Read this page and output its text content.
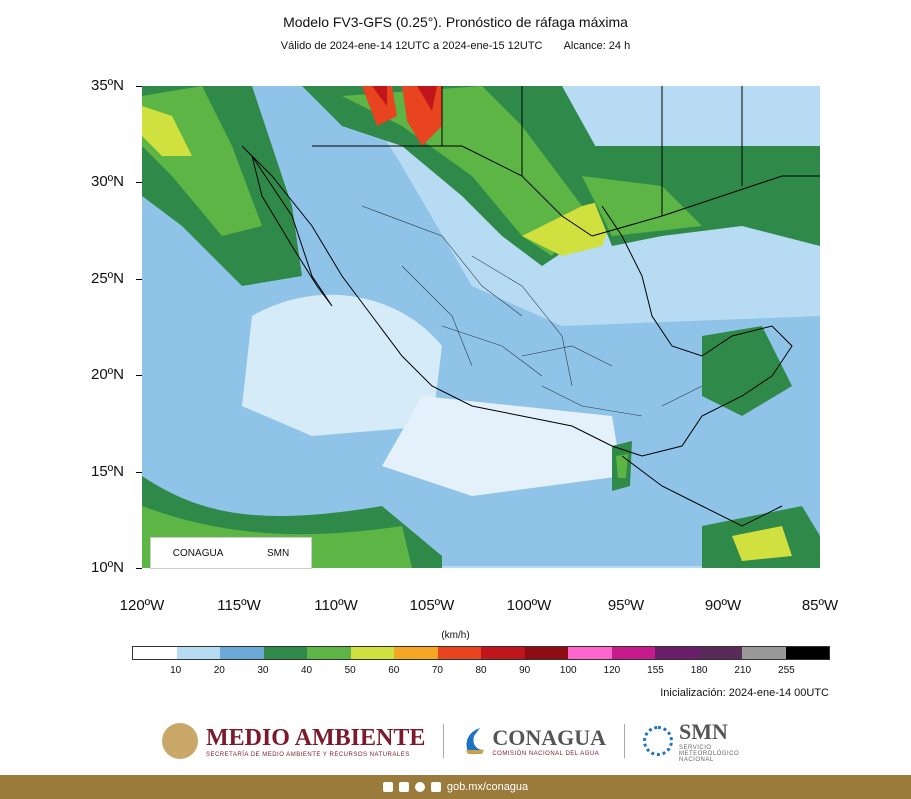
Modelo FV3-GFS (0.25°). Pronóstico de ráfaga máxima
Válido de 2024-ene-14 12UTC a 2024-ene-15 12UTC Alcance: 24 h
CONAGUA	SMN
35ºN
30ºN
25ºN
20ºN
15ºN
10ºN
120ºW	115ºW	110ºW	105ºW	100ºW	95ºW	90ºW	85ºW
(km/h)
10	20	30	40	50	60	70	80	90	100	120	155	180	210	255
Inicialización: 2024-ene-14 00UTC
MEDIO AMBIENTE
SECRETARÍA DE MEDIO AMBIENTE Y RECURSOS NATURALES
CONAGUA
COMISIÓN NACIONAL DEL AGUA
SMN
SERVICIO METEOROLÓGICO NACIONAL
gob.mx/conagua
